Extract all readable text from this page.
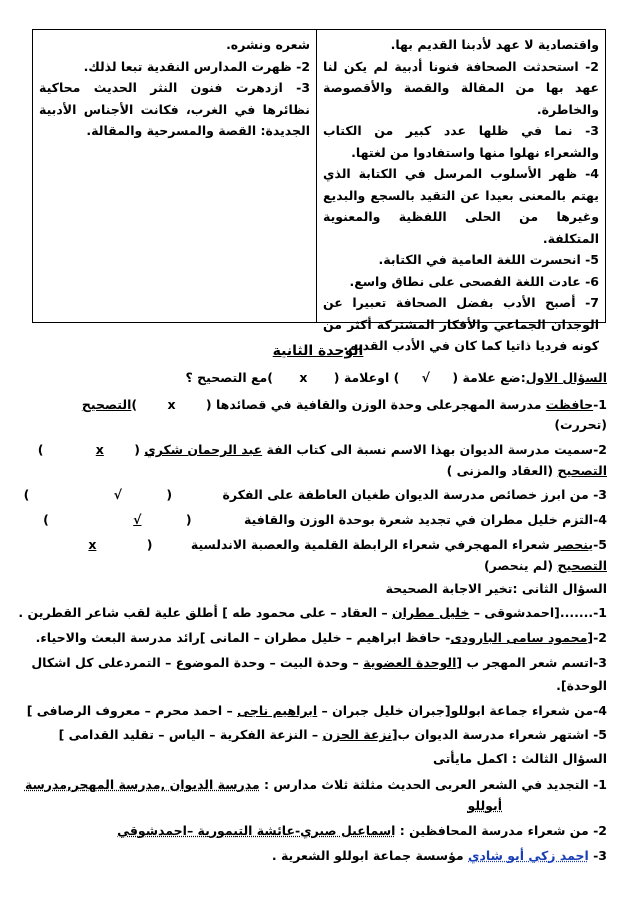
واقتصادية لا عهد لأدبنا القديم بها.

2- استحدثت الصحافة فنونا أدبية لم يكن لنا عهد بها من المقالة والقصة والأقصوصة والخاطرة.

3- نما في ظلها عدد كبير من الكتاب والشعراء نهلوا منها واستفادوا من لغتها.

4- ظهر الأسلوب المرسل في الكتابة الذي يهتم بالمعنى بعيدا عن التقيد بالسجع والبديع وغيرها من الحلى اللفظية والمعنوية المتكلفة.

5- انحسرت اللغة العامية في الكتابة.

6- عادت اللغة الفصحى على نطاق واسع.

7- أصبح الأدب بفضل الصحافة تعبيرا عن الوجدان الجماعي والأفكار المشتركة أكثر من كونه فرديا ذاتيا كما كان في الأدب القديم.

شعره ونشره.

2- ظهرت المدارس النقدية تبعا لذلك.

3- ازدهرت فنون النثر الحديث محاكية نظائرها في الغرب، فكانت الأجناس الأدبية الجديدة: القصة والمسرحية والمقالة.

الوحدة الثانية
السؤال الاول:ضع علامة ( √ ) اوعلامة ( x )مع التصحيح ؟
1-حافظت مدرسة المهجرعلى وحدة الوزن والقافية في قصائدها ( x )التصحيح
(تحررت)
2-سميت مدرسة الديوان بهذا الاسم نسبة الى كتاب الفة عبد الرحمان شكري ( x )
التصحيح (العقاد والمزنى )
3- من ابرز خصائص مدرسة الديوان طغيان العاطفة على الفكرة ( √ )
4-التزم خليل مطران في تجديد شعرة بوحدة الوزن والقافية ( √ )
5-ينحصر شعراء المهجرفي شعراء الرابطة القلمية والعصبة الاندلسية ( x
التصحيح (لم ينحصر)
السؤال الثانى :تخير الاجابة الصحيحة
1-.......[احمدشوقى – خليل مطران – العقاد – على محمود طه ] أطلق علية لقب شاعر القطرين .
2-[محمود سامى البارودى- حافظ ابراهيم – خليل مطران – المانى ]رائد مدرسة البعث والاحياء.
3-اتسم شعر المهجر ب [الوحدة العضوية – وحدة البيت – وحدة الموضوع – التمردعلى كل اشكال
الوحدة].
4-من شعراء جماعة ابوللو[جبران خليل جبران – ابراهيم ناجى – احمد محرم – معروف الرصافى ]
5- اشتهر شعراء مدرسة الديوان ب[نزعة الحزن – النزعة الفكرية – الياس – تقليد القدامى ]
السؤال الثالث : اكمل مايأتى
1- التجديد في الشعر العربى الحديث مثلثة ثلاث مدارس : مدرسة الديوان ,مدرسة المهجر,مدرسة
أبوللو
2- من شعراء مدرسة المحافظين : اسماعيل صبري-عائشة التيمورية –احمدشوقي
3- احمد زكي أبو شادي مؤسسة جماعة ابوللو الشعرية .
